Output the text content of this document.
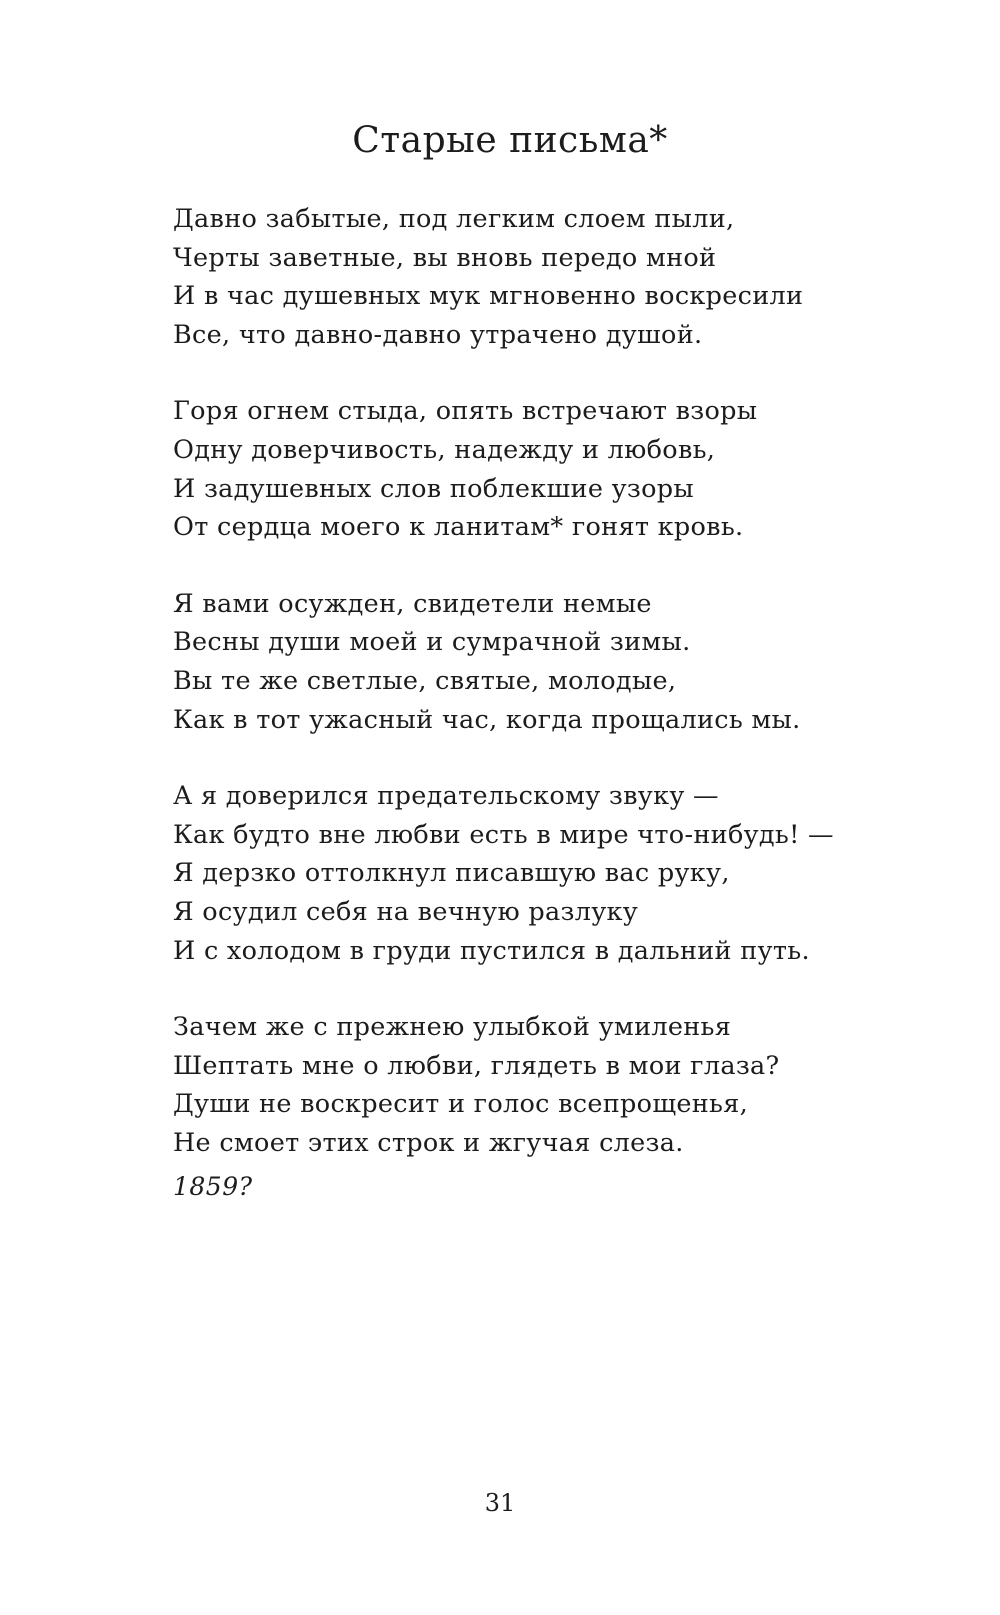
Старые письма*
Давно забытые, под легким слоем пыли,
Черты заветные, вы вновь передо мной
И в час душевных мук мгновенно воскресили
Все, что давно-давно утрачено душой.
Горя огнем стыда, опять встречают взоры
Одну доверчивость, надежду и любовь,
И задушевных слов поблекшие узоры
От сердца моего к ланитам* гонят кровь.
Я вами осужден, свидетели немые
Весны души моей и сумрачной зимы.
Вы те же светлые, святые, молодые,
Как в тот ужасный час, когда прощались мы.
А я доверился предательскому звуку —
Как будто вне любви есть в мире что-нибудь! —
Я дерзко оттолкнул писавшую вас руку,
Я осудил себя на вечную разлуку
И с холодом в груди пустился в дальний путь.
Зачем же с прежнею улыбкой умиленья
Шептать мне о любви, глядеть в мои глаза?
Души не воскресит и голос всепрощенья,
Не смоет этих строк и жгучая слеза.
1859?
31
